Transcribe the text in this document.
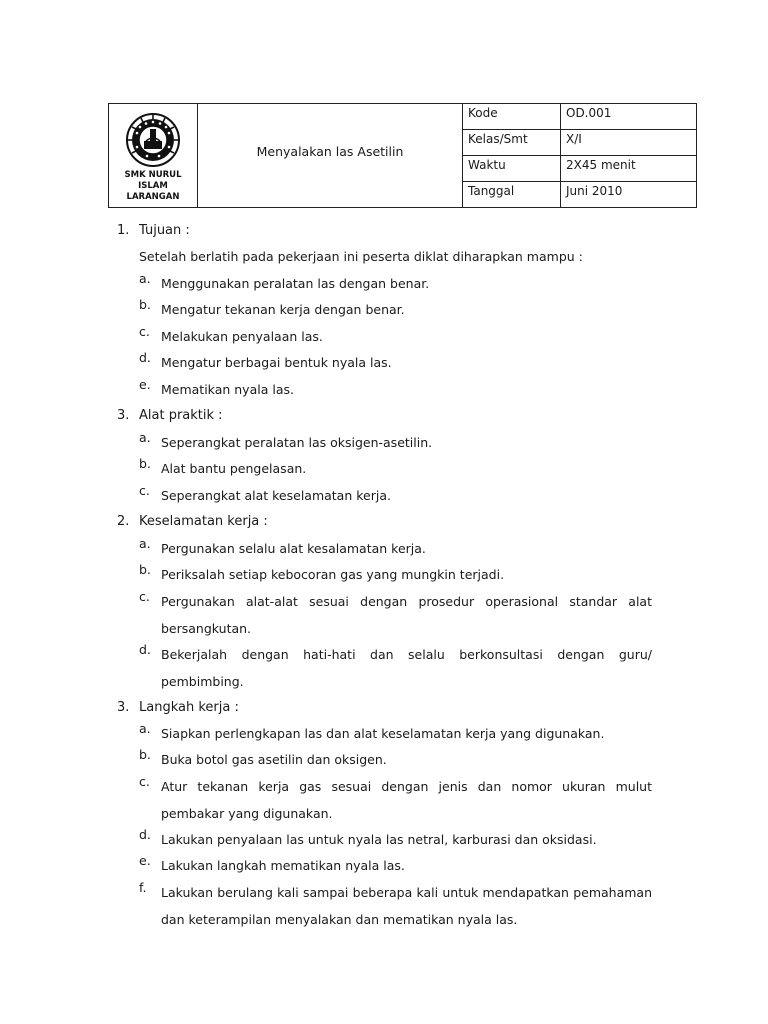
SMK NURUL
ISLAM
LARANGAN	Menyalakan las Asetilin	Kode	OD.001

		Kelas/Smt	X/I

		Waktu	2X45 menit

		Tanggal	Juni 2010
1. Tujuan :
Setelah berlatih pada pekerjaan ini peserta diklat diharapkan mampu :
a. Menggunakan peralatan las dengan benar.
b. Mengatur tekanan kerja dengan benar.
c. Melakukan penyalaan las.
d. Mengatur berbagai bentuk nyala las.
e. Mematikan nyala las.
3. Alat praktik :
a. Seperangkat peralatan las oksigen-asetilin.
b. Alat bantu pengelasan.
c. Seperangkat alat keselamatan kerja.
2. Keselamatan kerja :
a. Pergunakan selalu alat kesalamatan kerja.
b. Periksalah setiap kebocoran gas yang mungkin terjadi.
c. Pergunakan alat-alat sesuai dengan prosedur operasional standar alat bersangkutan.
d. Bekerjalah dengan hati-hati dan selalu berkonsultasi dengan guru/ pembimbing.
3. Langkah kerja :
a. Siapkan perlengkapan las dan alat keselamatan kerja yang digunakan.
b. Buka botol gas asetilin dan oksigen.
c. Atur tekanan kerja gas sesuai dengan jenis dan nomor ukuran mulut pembakar yang digunakan.
d. Lakukan penyalaan las untuk nyala las netral, karburasi dan oksidasi.
e. Lakukan langkah mematikan nyala las.
f.	Lakukan berulang kali sampai beberapa kali untuk mendapatkan pemahaman dan keterampilan menyalakan dan mematikan nyala las.
